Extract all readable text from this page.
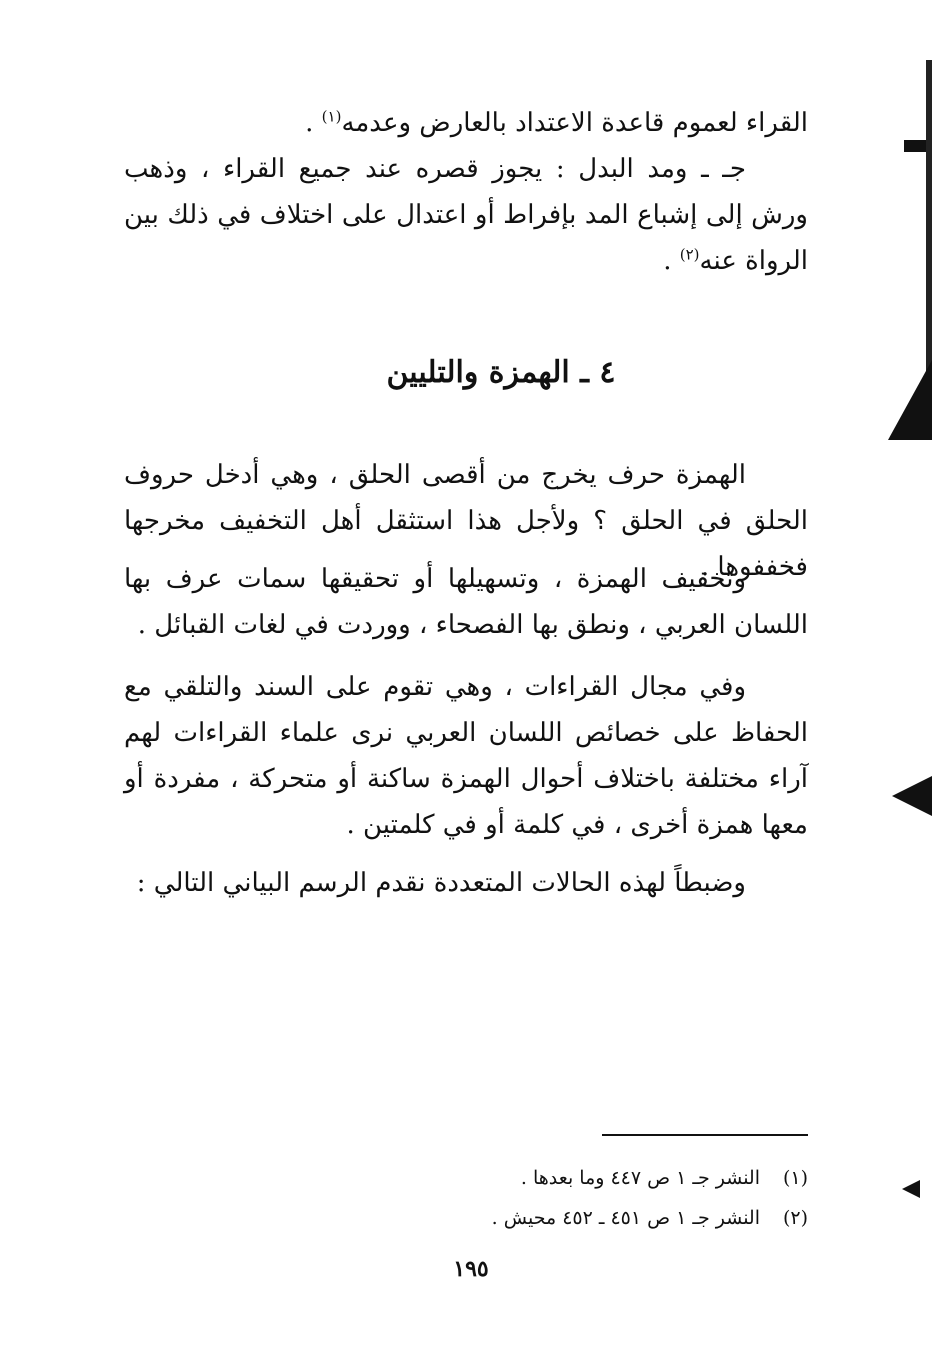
القراء لعموم قاعدة الاعتداد بالعارض وعدمه$^{(١)}$ .

جـ ـ ومد البدل : يجوز قصره عند جميع القراء ، وذهب ورش إلى إشباع المد بإفراط أو اعتدال على اختلاف في ذلك بين الرواة عنه$^{(٢)}$ .

٤ ـ الهمزة والتليين

الهمزة حرف يخرج من أقصى الحلق ، وهي أدخل حروف الحلق في الحلق ؟ ولأجل هذا استثقل أهل التخفيف مخرجها فخففوها .

وتخفيف الهمزة ، وتسهيلها أو تحقيقها سمات عرف بها اللسان العربي ، ونطق بها الفصحاء ، ووردت في لغات القبائل .

وفي مجال القراءات ، وهي تقوم على السند والتلقي مع الحفاظ على خصائص اللسان العربي نرى علماء القراءات لهم آراء مختلفة باختلاف أحوال الهمزة ساكنة أو متحركة ، مفردة أو معها همزة أخرى ، في كلمة أو في كلمتين .

وضبطاً لهذه الحالات المتعددة نقدم الرسم البياني التالي :

(١)النشر جـ ١ ص ٤٤٧ وما بعدها .
(٢)النشر جـ ١ ص ٤٥١ ـ ٤٥٢ محيش .
١٩٥
